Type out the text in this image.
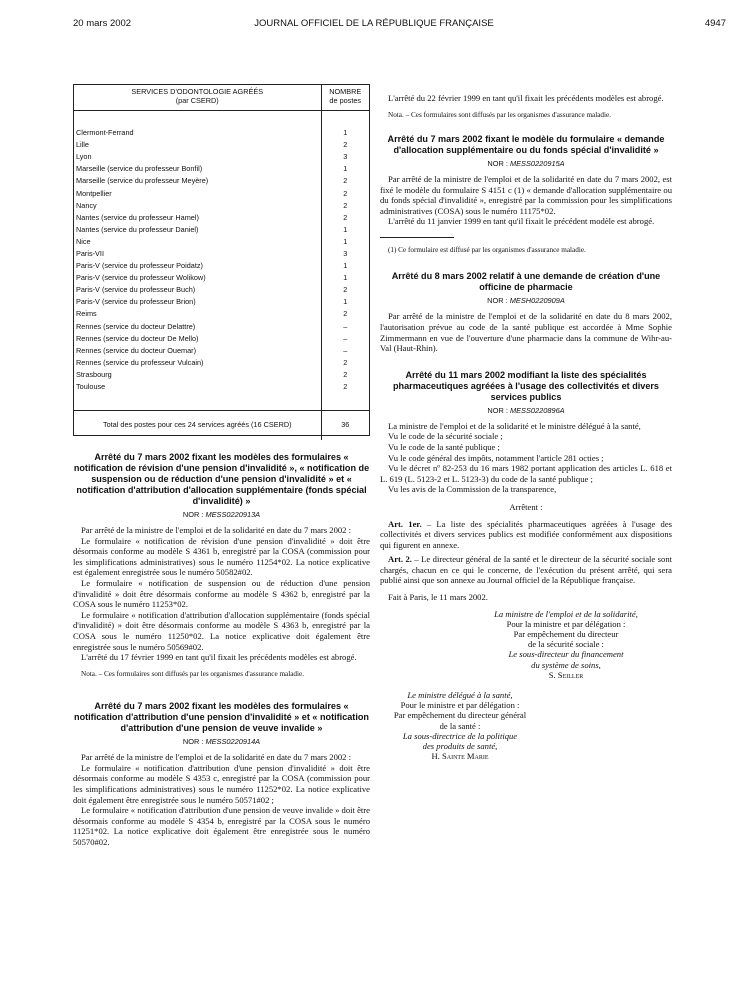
20 mars 2002	JOURNAL OFFICIEL DE LA RÉPUBLIQUE FRANÇAISE	4947
SERVICES D'ODONTOLOGIE AGRÉÉS
(par CSERD)	NOMBRE
de postes

Clermont-Ferrand	1
Lille	2
Lyon	3
Marseille (service du professeur Bonfil)	1
Marseille (service du professeur Meyère)	2
Montpellier	2
Nancy	2
Nantes (service du professeur Hamel)	2
Nantes (service du professeur Daniel)	1
Nice	1
Paris-VII	3
Paris-V (service du professeur Poidatz)	1
Paris-V (service du professeur Wolikow)	1
Paris-V (service du professeur Buch)	2
Paris-V (service du professeur Brion)	1
Reims	2
Rennes (service du docteur Delattre)	–
Rennes (service du docteur De Mello)	–
Rennes (service du docteur Ouemar)	–
Rennes (service du professeur Vulcain)	2
Strasbourg	2
Toulouse	2

Total des postes pour ces 24 services agréés (16 CSERD)	36
Arrêté du 7 mars 2002 fixant les modèles des formulaires « notification de révision d'une pension d'invalidité », « notification de suspension ou de réduction d'une pension d'invalidité » et « notification d'attribution d'allocation supplémentaire (fonds spécial d'invalidité) »
NOR : MESS0220913A

Par arrêté de la ministre de l'emploi et de la solidarité en date du 7 mars 2002 :

Le formulaire « notification de révision d'une pension d'invalidité » doit être désormais conforme au modèle S 4361 b, enregistré par la COSA (commission pour les simplifications administratives) sous le numéro 11254*02. La notice explicative est également enregistrée sous le numéro 50582#02.

Le formulaire « notification de suspension ou de réduction d'une pension d'invalidité » doit être désormais conforme au modèle S 4362 b, enregistré par la COSA sous le numéro 11253*02.

Le formulaire « notification d'attribution d'allocation supplémentaire (fonds spécial d'invalidité) » doit être désormais conforme au modèle S 4363 b, enregistré par la COSA sous le numéro 11250*02. La notice explicative doit également être enregistrée sous le numéro 50569#02.

L'arrêté du 17 février 1999 en tant qu'il fixait les précédents modèles est abrogé.

Nota. – Ces formulaires sont diffusés par les organismes d'assurance maladie.

Arrêté du 7 mars 2002 fixant les modèles des formulaires « notification d'attribution d'une pension d'invalidité » et « notification d'attribution d'une pension de veuve invalide »
NOR : MESS0220914A

Par arrêté de la ministre de l'emploi et de la solidarité en date du 7 mars 2002 :

Le formulaire « notification d'attribution d'une pension d'invalidité » doit être désormais conforme au modèle S 4353 c, enregistré par la COSA (commission pour les simplifications administratives) sous le numéro 11252*02. La notice explicative doit également être enregistrée sous le numéro 50571#02 ;

Le formulaire « notification d'attribution d'une pension de veuve invalide » doit être désormais conforme au modèle S 4354 b, enregistré par la COSA sous le numéro 11251*02. La notice explicative doit également être enregistrée sous le numéro 50570#02.

L'arrêté du 22 février 1999 en tant qu'il fixait les précédents modèles est abrogé.

Nota. – Ces formulaires sont diffusés par les organismes d'assurance maladie.

Arrêté du 7 mars 2002 fixant le modèle du formulaire « demande d'allocation supplémentaire ou du fonds spécial d'invalidité »
NOR : MESS0220915A

Par arrêté de la ministre de l'emploi et de la solidarité en date du 7 mars 2002, est fixé le modèle du formulaire S 4151 c (1) « demande d'allocation supplémentaire ou du fonds spécial d'invalidité », enregistré par la commission pour les simplifications administratives (COSA) sous le numéro 11175*02.

L'arrêté du 11 janvier 1999 en tant qu'il fixait le précédent modèle est abrogé.

(1) Ce formulaire est diffusé par les organismes d'assurance maladie.

Arrêté du 8 mars 2002 relatif à une demande de création d'une officine de pharmacie
NOR : MESH0220909A

Par arrêté de la ministre de l'emploi et de la solidarité en date du 8 mars 2002, l'autorisation prévue au code de la santé publique est accordée à Mme Sophie Zimmermann en vue de l'ouverture d'une pharmacie dans la commune de Wihr-au-Val (Haut-Rhin).

Arrêté du 11 mars 2002 modifiant la liste des spécialités pharmaceutiques agréées à l'usage des collectivités et divers services publics
NOR : MESS0220896A

La ministre de l'emploi et de la solidarité et le ministre délégué à la santé,

Vu le code de la sécurité sociale ;

Vu le code de la santé publique ;

Vu le code général des impôts, notamment l'article 281 octies ;

Vu le décret nº 82-253 du 16 mars 1982 portant application des articles L. 618 et L. 619 (L. 5123-2 et L. 5123-3) du code de la santé publique ;

Vu les avis de la Commission de la transparence,

Arrêtent :

Art. 1er. – La liste des spécialités pharmaceutiques agréées à l'usage des collectivités et divers services publics est modifiée conformément aux dispositions qui figurent en annexe.

Art. 2. – Le directeur général de la santé et le directeur de la sécurité sociale sont chargés, chacun en ce qui le concerne, de l'exécution du présent arrêté, qui sera publié ainsi que son annexe au Journal officiel de la République française.

Fait à Paris, le 11 mars 2002.

La ministre de l'emploi et de la solidarité,
Pour la ministre et par délégation :
Par empêchement du directeur
de la sécurité sociale :
Le sous-directeur du financement
du système de soins,
S. Seiller
Le ministre délégué à la santé,
Pour le ministre et par délégation :
Par empêchement du directeur général
de la santé :
La sous-directrice de la politique
des produits de santé,
H. Sainte Marie
